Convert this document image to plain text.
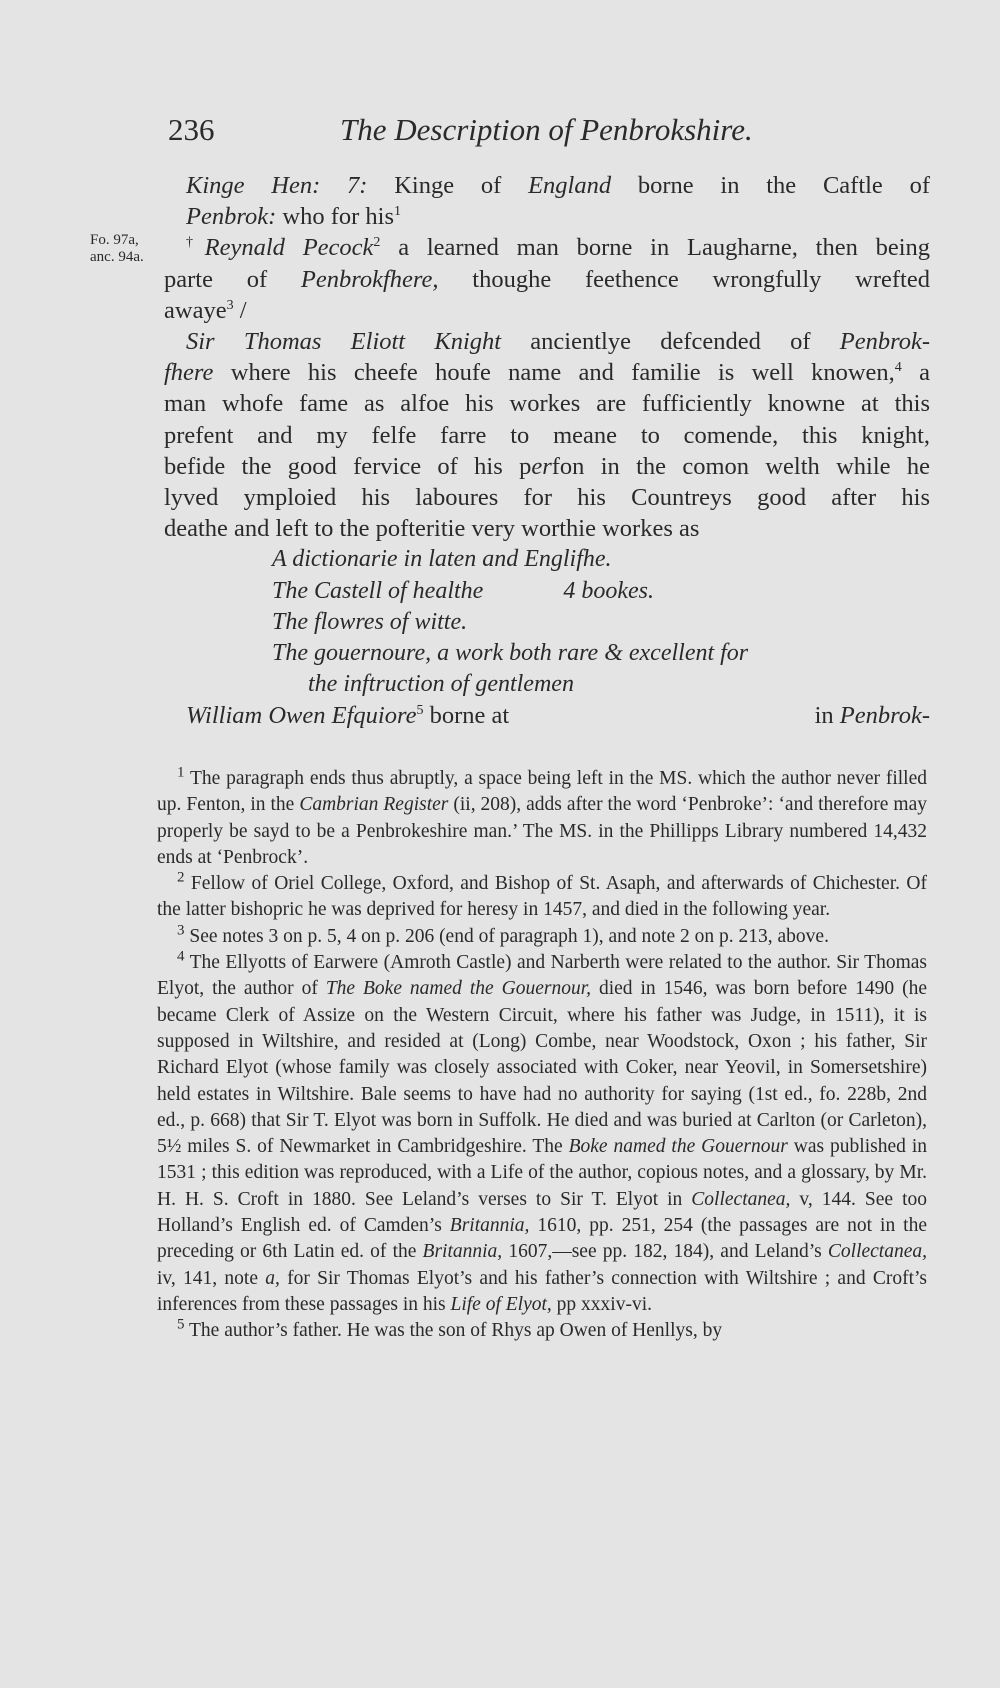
236	The Description of Penbrokshire.
Fo. 97a,
anc. 94a.

Kinge Hen: 7: Kinge of England borne in the Caftle of

Penbrok: who for his$^1$

†Reynald Pecock$^2$ a learned man borne in Laugharne, then being

parte of Penbrokfhere, thoughe feethence wrongfully wrefted

awaye$^3$ /

Sir Thomas Eliott Knight ancientlye defcended of Penbrok-

fhere where his cheefe houfe name and familie is well knowen,$^4$ a

man whofe fame as alfoe his workes are fufficiently knowne at this

prefent and my felfe farre to meane to comende, this knight,

befide the good fervice of his perfon in the comon welth while he

lyved ymploied his laboures for his Countreys good after his

deathe and left to the pofteritie very worthie workes as

A dictionarie in laten and Englifhe.
The Castell of healthe	4 bookes.
The flowres of witte.
The gouernoure, a work both rare & excellent for
the inftruction of gentlemen
William Owen Efquiore$^5$ borne at	in Penbrok-

$^1$ The paragraph ends thus abruptly, a space being left in the MS. which the author never filled up. Fenton, in the Cambrian Register (ii, 208), adds after the word ‘Penbroke’: ‘and therefore may properly be sayd to be a Penbrokeshire man.’ The MS. in the Phillipps Library numbered 14,432 ends at ‘Penbrock’.

$^2$ Fellow of Oriel College, Oxford, and Bishop of St. Asaph, and afterwards of Chichester. Of the latter bishopric he was deprived for heresy in 1457, and died in the following year.

$^3$ See notes 3 on p. 5, 4 on p. 206 (end of paragraph 1), and note 2 on p. 213, above.

$^4$ The Ellyotts of Earwere (Amroth Castle) and Narberth were related to the author. Sir Thomas Elyot, the author of The Boke named the Gouernour, died in 1546, was born before 1490 (he became Clerk of Assize on the Western Circuit, where his father was Judge, in 1511), it is supposed in Wiltshire, and resided at (Long) Combe, near Woodstock, Oxon ; his father, Sir Richard Elyot (whose family was closely associated with Coker, near Yeovil, in Somersetshire) held estates in Wiltshire. Bale seems to have had no authority for saying (1st ed., fo. 228b, 2nd ed., p. 668) that Sir T. Elyot was born in Suffolk. He died and was buried at Carlton (or Carleton), 5½ miles S. of Newmarket in Cambridgeshire. The Boke named the Gouernour was published in 1531 ; this edition was reproduced, with a Life of the author, copious notes, and a glossary, by Mr. H. H. S. Croft in 1880. See Leland’s verses to Sir T. Elyot in Collectanea, v, 144. See too Holland’s English ed. of Camden’s Britannia, 1610, pp. 251, 254 (the passages are not in the preceding or 6th Latin ed. of the Britannia, 1607,—see pp. 182, 184), and Leland’s Collectanea, iv, 141, note a, for Sir Thomas Elyot’s and his father’s connection with Wiltshire ; and Croft’s inferences from these passages in his Life of Elyot, pp xxxiv-vi.

$^5$ The author’s father. He was the son of Rhys ap Owen of Henllys, by
